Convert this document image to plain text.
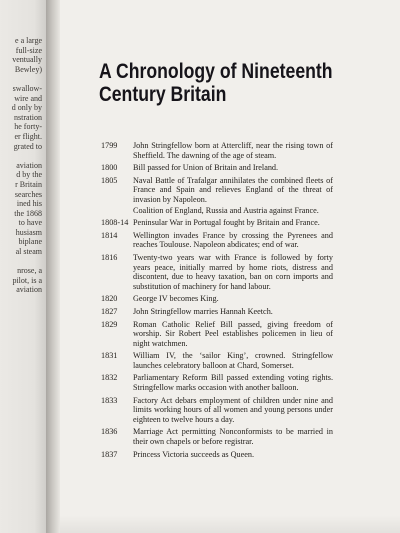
e a large
full-size
ventually
Bewley)
swallow-
wire and
d only by
nstration
he forty-
er flight.
grated to
aviation
d by the
r Britain
searches
ined his
the 1868
to have
husiasm
biplane
al steam
nrose, a
pilot, is a
aviation
A Chronology of Nineteenth Century Britain
1799	John Stringfellow born at Attercliff, near the rising town of Sheffield. The dawning of the age of steam.

1800	Bill passed for Union of Britain and Ireland.

1805	Naval Battle of Trafalgar annihilates the combined fleets of France and Spain and relieves England of the threat of invasion by Napoleon.

Coalition of England, Russia and Austria against France.

1808-14 Peninsular War in Portugal fought by Britain and France.

1814	Wellington invades France by crossing the Pyrenees and reaches Toulouse. Napoleon abdicates; end of war.

1816	Twenty-two years war with France is followed by forty years peace, initially marred by home riots, distress and discontent, due to heavy taxation, ban on corn imports and substitution of machinery for hand labour.

1820	George IV becomes King.

1827	John Stringfellow marries Hannah Keetch.

1829	Roman Catholic Relief Bill passed, giving freedom of worship. Sir Robert Peel establishes policemen in lieu of night watchmen.

1831	William IV, the ‘sailor King’, crowned. Stringfellow launches celebratory balloon at Chard, Somerset.

1832	Parliamentary Reform Bill passed extending voting rights. Stringfellow marks occasion with another balloon.

1833	Factory Act debars employment of children under nine and limits working hours of all women and young persons under eighteen to twelve hours a day.

1836	Marriage Act permitting Nonconformists to be married in their own chapels or before registrar.

1837	Princess Victoria succeeds as Queen.
